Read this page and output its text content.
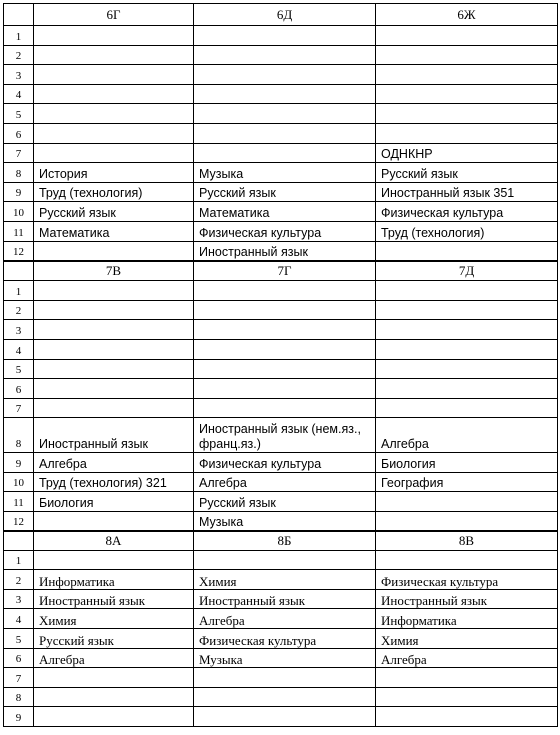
	6Г	6Д	6Ж
1			
2			
3			
4			
5			
6			
7			ОДНКНР
8	История	Музыка	Русский язык
9	Труд (технология)	Русский язык	Иностранный язык 351
10	Русский язык	Математика	Физическая культура
11	Математика	Физическая культура	Труд (технология)
12		Иностранный язык	
	7В	7Г	7Д
1			
2			
3			
4			
5			
6			
7			
8	Иностранный язык	Иностранный язык (нем.яз., франц.яз.)	Алгебра
9	Алгебра	Физическая культура	Биология
10	Труд (технология) 321	Алгебра	География
11	Биология	Русский язык	
12		Музыка	
	8А	8Б	8В
1			
2	Информатика	Химия	Физическая культура
3	Иностранный язык	Иностранный язык	Иностранный язык
4	Химия	Алгебра	Информатика
5	Русский язык	Физическая культура	Химия
6	Алгебра	Музыка	Алгебра
7			
8			
9			
